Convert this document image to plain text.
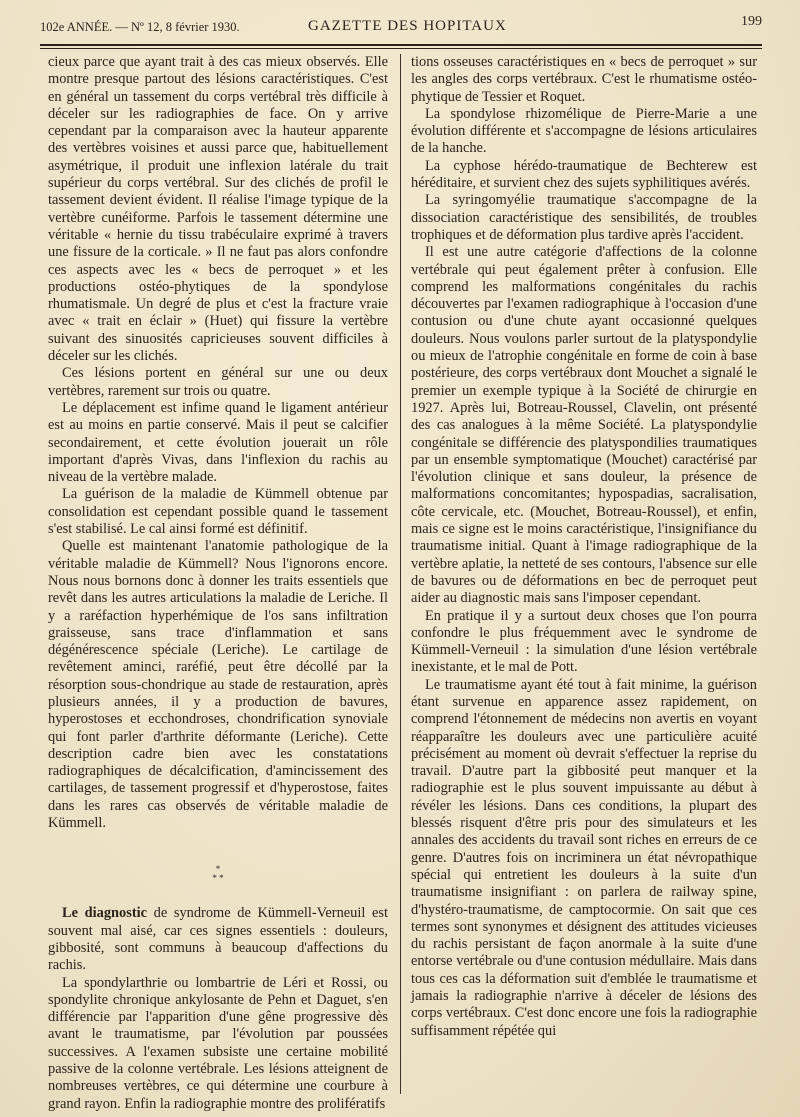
102e ANNÉE. — Nº 12, 8 février 1930.	GAZETTE DES HOPITAUX	199

cieux parce que ayant trait à des cas mieux observés. Elle montre presque partout des lésions caractéristiques. C'est en général un tassement du corps vertébral très difficile à déceler sur les radiographies de face. On y arrive cependant par la comparaison avec la hauteur apparente des vertèbres voisines et aussi parce que, habituellement asymétrique, il produit une inflexion latérale du trait supérieur du corps vertébral. Sur des clichés de profil le tassement devient évident. Il réalise l'image typique de la vertèbre cunéiforme. Parfois le tassement détermine une véritable « hernie du tissu trabéculaire exprimé à travers une fissure de la corticale. » Il ne faut pas alors confondre ces aspects avec les « becs de perroquet » et les productions ostéo-phytiques de la spondylose rhumatismale. Un degré de plus et c'est la fracture vraie avec « trait en éclair » (Huet) qui fissure la vertèbre suivant des sinuosités capricieuses souvent difficiles à déceler sur les clichés.

Ces lésions portent en général sur une ou deux vertèbres, rarement sur trois ou quatre.

Le déplacement est infime quand le ligament antérieur est au moins en partie conservé. Mais il peut se calcifier secondairement, et cette évolution jouerait un rôle important d'après Vivas, dans l'inflexion du rachis au niveau de la vertèbre malade.

La guérison de la maladie de Kümmell obtenue par consolidation est cependant possible quand le tassement s'est stabilisé. Le cal ainsi formé est définitif.

Quelle est maintenant l'anatomie pathologique de la véritable maladie de Kümmell? Nous l'ignorons encore. Nous nous bornons donc à donner les traits essentiels que revêt dans les autres articulations la maladie de Leriche. Il y a raréfaction hyperhémique de l'os sans infiltration graisseuse, sans trace d'inflammation et sans dégénérescence spéciale (Leriche). Le cartilage de revêtement aminci, raréfié, peut être décollé par la résorption sous-chondrique au stade de restauration, après plusieurs années, il y a production de bavures, hyperostoses et ecchondroses, chondrification synoviale qui font parler d'arthrite déformante (Leriche). Cette description cadre bien avec les constatations radiographiques de décalcification, d'amincissement des cartilages, de tassement progressif et d'hyperostose, faites dans les rares cas observés de véritable maladie de Kümmell.

*
* *

Le diagnostic de syndrome de Kümmell-Verneuil est souvent mal aisé, car ces signes essentiels : douleurs, gibbosité, sont communs à beaucoup d'affections du rachis.

La spondylarthrie ou lombartrie de Léri et Rossi, ou spondylite chronique ankylosante de Pehn et Daguet, s'en différencie par l'apparition d'une gêne progressive dès avant le traumatisme, par l'évolution par poussées successives. A l'examen subsiste une certaine mobilité passive de la colonne vertébrale. Les lésions atteignent de nombreuses vertèbres, ce qui détermine une courbure à grand rayon. Enfin la radiographie montre des prolifératifs

tions osseuses caractéristiques en « becs de perroquet » sur les angles des corps vertébraux. C'est le rhumatisme ostéo-phytique de Tessier et Roquet.

La spondylose rhizomélique de Pierre-Marie a une évolution différente et s'accompagne de lésions articulaires de la hanche.

La cyphose hérédo-traumatique de Bechterew est héréditaire, et survient chez des sujets syphilitiques avérés.

La syringomyélie traumatique s'accompagne de la dissociation caractéristique des sensibilités, de troubles trophiques et de déformation plus tardive après l'accident.

Il est une autre catégorie d'affections de la colonne vertébrale qui peut également prêter à confusion. Elle comprend les malformations congénitales du rachis découvertes par l'examen radiographique à l'occasion d'une contusion ou d'une chute ayant occasionné quelques douleurs. Nous voulons parler surtout de la platyspondylie ou mieux de l'atrophie congénitale en forme de coin à base postérieure, des corps vertébraux dont Mouchet a signalé le premier un exemple typique à la Société de chirurgie en 1927. Après lui, Botreau-Roussel, Clavelin, ont présenté des cas analogues à la même Société. La platyspondylie congénitale se différencie des platyspondilies traumatiques par un ensemble symptomatique (Mouchet) caractérisé par l'évolution clinique et sans douleur, la présence de malformations concomitantes; hypospadias, sacralisation, côte cervicale, etc. (Mouchet, Botreau-Roussel), et enfin, mais ce signe est le moins caractéristique, l'insignifiance du traumatisme initial. Quant à l'image radiographique de la vertèbre aplatie, la netteté de ses contours, l'absence sur elle de bavures ou de déformations en bec de perroquet peut aider au diagnostic mais sans l'imposer cependant.

En pratique il y a surtout deux choses que l'on pourra confondre le plus fréquemment avec le syndrome de Kümmell-Verneuil : la simulation d'une lésion vertébrale inexistante, et le mal de Pott.

Le traumatisme ayant été tout à fait minime, la guérison étant survenue en apparence assez rapidement, on comprend l'étonnement de médecins non avertis en voyant réapparaître les douleurs avec une particulière acuité précisément au moment où devrait s'effectuer la reprise du travail. D'autre part la gibbosité peut manquer et la radiographie est le plus souvent impuissante au début à révéler les lésions. Dans ces conditions, la plupart des blessés risquent d'être pris pour des simulateurs et les annales des accidents du travail sont riches en erreurs de ce genre. D'autres fois on incriminera un état névropathique spécial qui entretient les douleurs à la suite d'un traumatisme insignifiant : on parlera de railway spine, d'hystéro-traumatisme, de camptocormie. On sait que ces termes sont synonymes et désignent des attitudes vicieuses du rachis persistant de façon anormale à la suite d'une entorse vertébrale ou d'une contusion médullaire. Mais dans tous ces cas la déformation suit d'emblée le traumatisme et jamais la radiographie n'arrive à déceler de lésions des corps vertébraux. C'est donc encore une fois la radiographie suffisamment répétée qui
